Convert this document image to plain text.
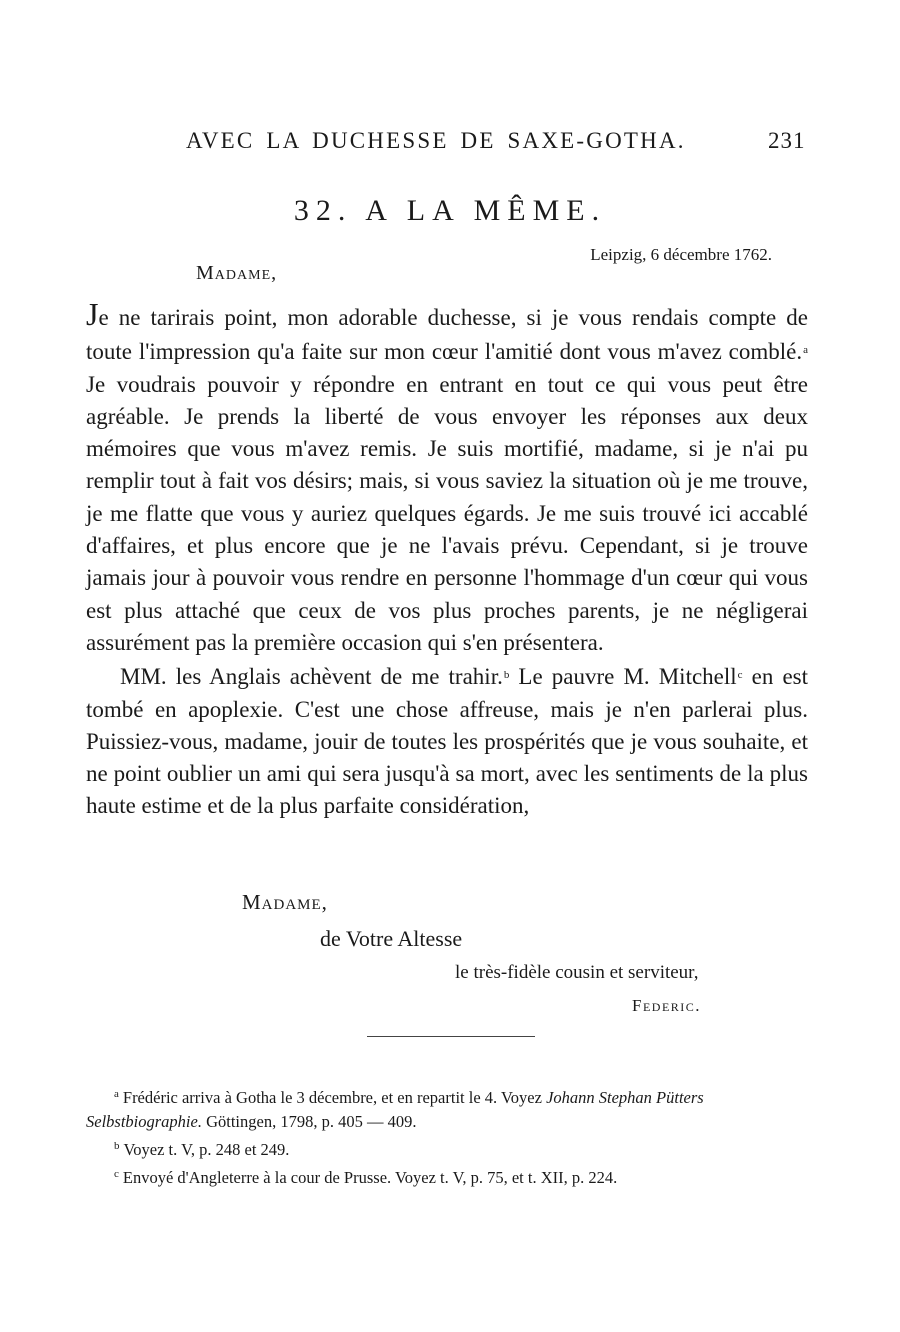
AVEC LA DUCHESSE DE SAXE-GOTHA.	231
32. A LA MÊME.
Leipzig, 6 décembre 1762.
Madame,

Je ne tarirais point, mon adorable duchesse, si je vous rendais compte de toute l'impression qu'a faite sur mon cœur l'amitié dont vous m'avez comblé.$^a$ Je voudrais pouvoir y répondre en entrant en tout ce qui vous peut être agréable. Je prends la liberté de vous envoyer les réponses aux deux mémoires que vous m'avez remis. Je suis mortifié, madame, si je n'ai pu remplir tout à fait vos désirs; mais, si vous saviez la situation où je me trouve, je me flatte que vous y auriez quelques égards. Je me suis trouvé ici accablé d'affaires, et plus encore que je ne l'avais prévu. Cependant, si je trouve jamais jour à pouvoir vous rendre en personne l'hommage d'un cœur qui vous est plus attaché que ceux de vos plus proches parents, je ne négligerai assurément pas la première occasion qui s'en présentera.

MM. les Anglais achèvent de me trahir.$^b$ Le pauvre M. Mitchell$^c$ en est tombé en apoplexie. C'est une chose affreuse, mais je n'en parlerai plus. Puissiez-vous, madame, jouir de toutes les prospérités que je vous souhaite, et ne point oublier un ami qui sera jusqu'à sa mort, avec les sentiments de la plus haute estime et de la plus parfaite considération,

Madame,
de Votre Altesse
le très-fidèle cousin et serviteur,
Federic.

$^a$ Frédéric arriva à Gotha le 3 décembre, et en repartit le 4. Voyez Johann Stephan Pütters Selbstbiographie. Göttingen, 1798, p. 405 — 409.

$^b$ Voyez t. V, p. 248 et 249.

$^c$ Envoyé d'Angleterre à la cour de Prusse. Voyez t. V, p. 75, et t. XII, p. 224.
